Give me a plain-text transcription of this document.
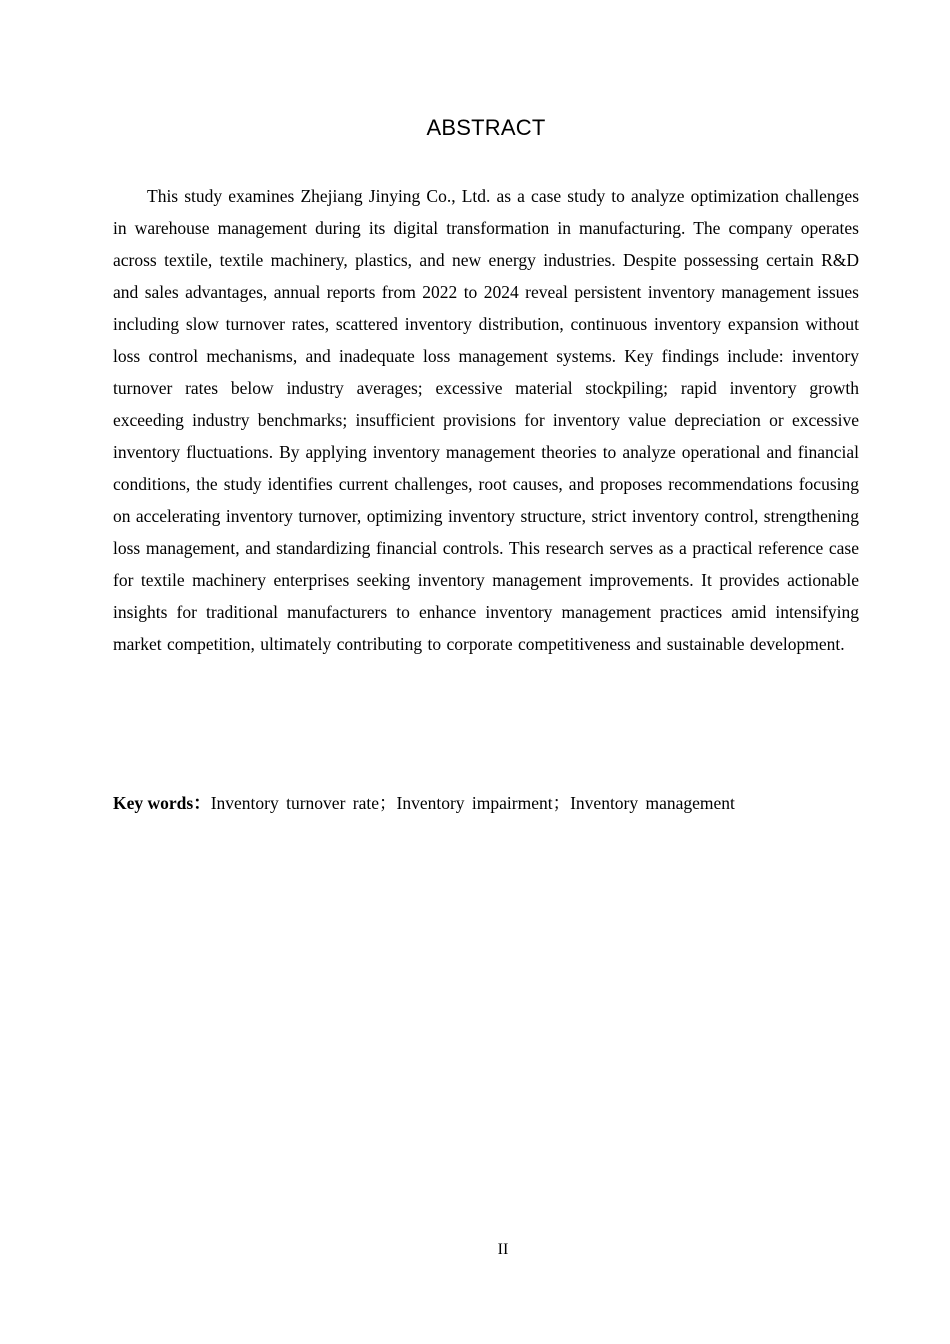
ABSTRACT

This study examines Zhejiang Jinying Co., Ltd. as a case study to analyze optimization challenges in warehouse management during its digital transformation in manufacturing. The company operates across textile, textile machinery, plastics, and new energy industries. Despite possessing certain R&D and sales advantages, annual reports from 2022 to 2024 reveal persistent inventory management issues including slow turnover rates, scattered inventory distribution, continuous inventory expansion without loss control mechanisms, and inadequate loss management systems. Key findings include: inventory turnover rates below industry averages; excessive material stockpiling; rapid inventory growth exceeding industry benchmarks; insufficient provisions for inventory value depreciation or excessive inventory fluctuations. By applying inventory management theories to analyze operational and financial conditions, the study identifies current challenges, root causes, and proposes recommendations focusing on accelerating inventory turnover, optimizing inventory structure, strict inventory control, strengthening loss management, and standardizing financial controls. This research serves as a practical reference case for textile machinery enterprises seeking inventory management improvements. It provides actionable insights for traditional manufacturers to enhance inventory management practices amid intensifying market competition, ultimately contributing to corporate competitiveness and sustainable development.

Key words：Inventory turnover rate；Inventory impairment；Inventory management
II
